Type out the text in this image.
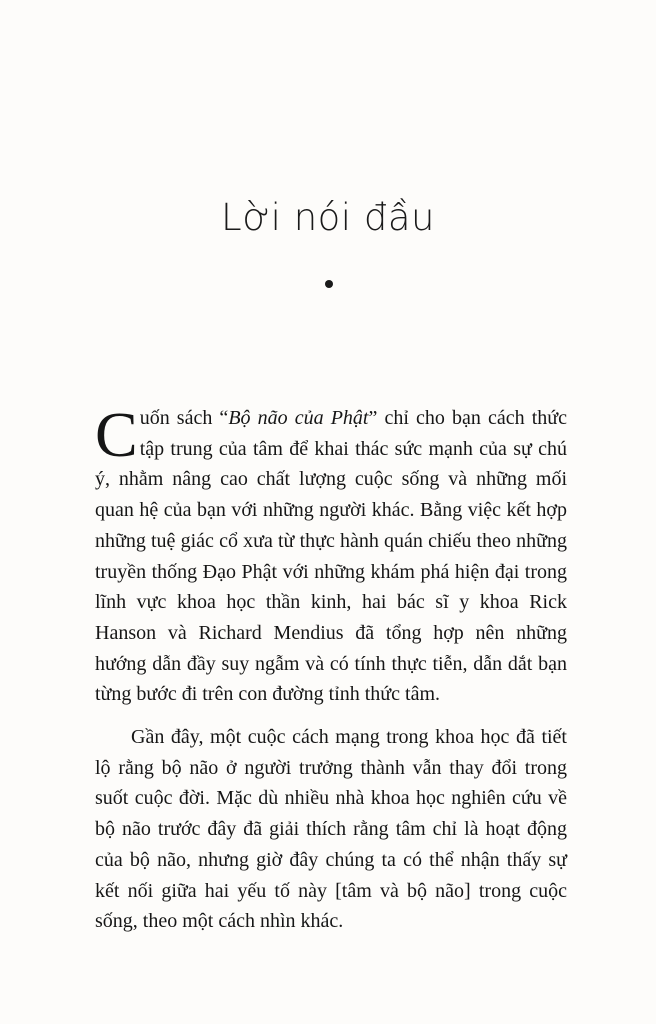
Lời nói đầu

Cuốn sách “Bộ não của Phật” chỉ cho bạn cách thức tập trung của tâm để khai thác sức mạnh của sự chú ý, nhằm nâng cao chất lượng cuộc sống và những mối quan hệ của bạn với những người khác. Bằng việc kết hợp những tuệ giác cổ xưa từ thực hành quán chiếu theo những truyền thống Đạo Phật với những khám phá hiện đại trong lĩnh vực khoa học thần kinh, hai bác sĩ y khoa Rick Hanson và Richard Mendius đã tổng hợp nên những hướng dẫn đầy suy ngẫm và có tính thực tiễn, dẫn dắt bạn từng bước đi trên con đường tỉnh thức tâm.

Gần đây, một cuộc cách mạng trong khoa học đã tiết lộ rằng bộ não ở người trưởng thành vẫn thay đổi trong suốt cuộc đời. Mặc dù nhiều nhà khoa học nghiên cứu về bộ não trước đây đã giải thích rằng tâm chỉ là hoạt động của bộ não, nhưng giờ đây chúng ta có thể nhận thấy sự kết nối giữa hai yếu tố này [tâm và bộ não] trong cuộc sống, theo một cách nhìn khác.
